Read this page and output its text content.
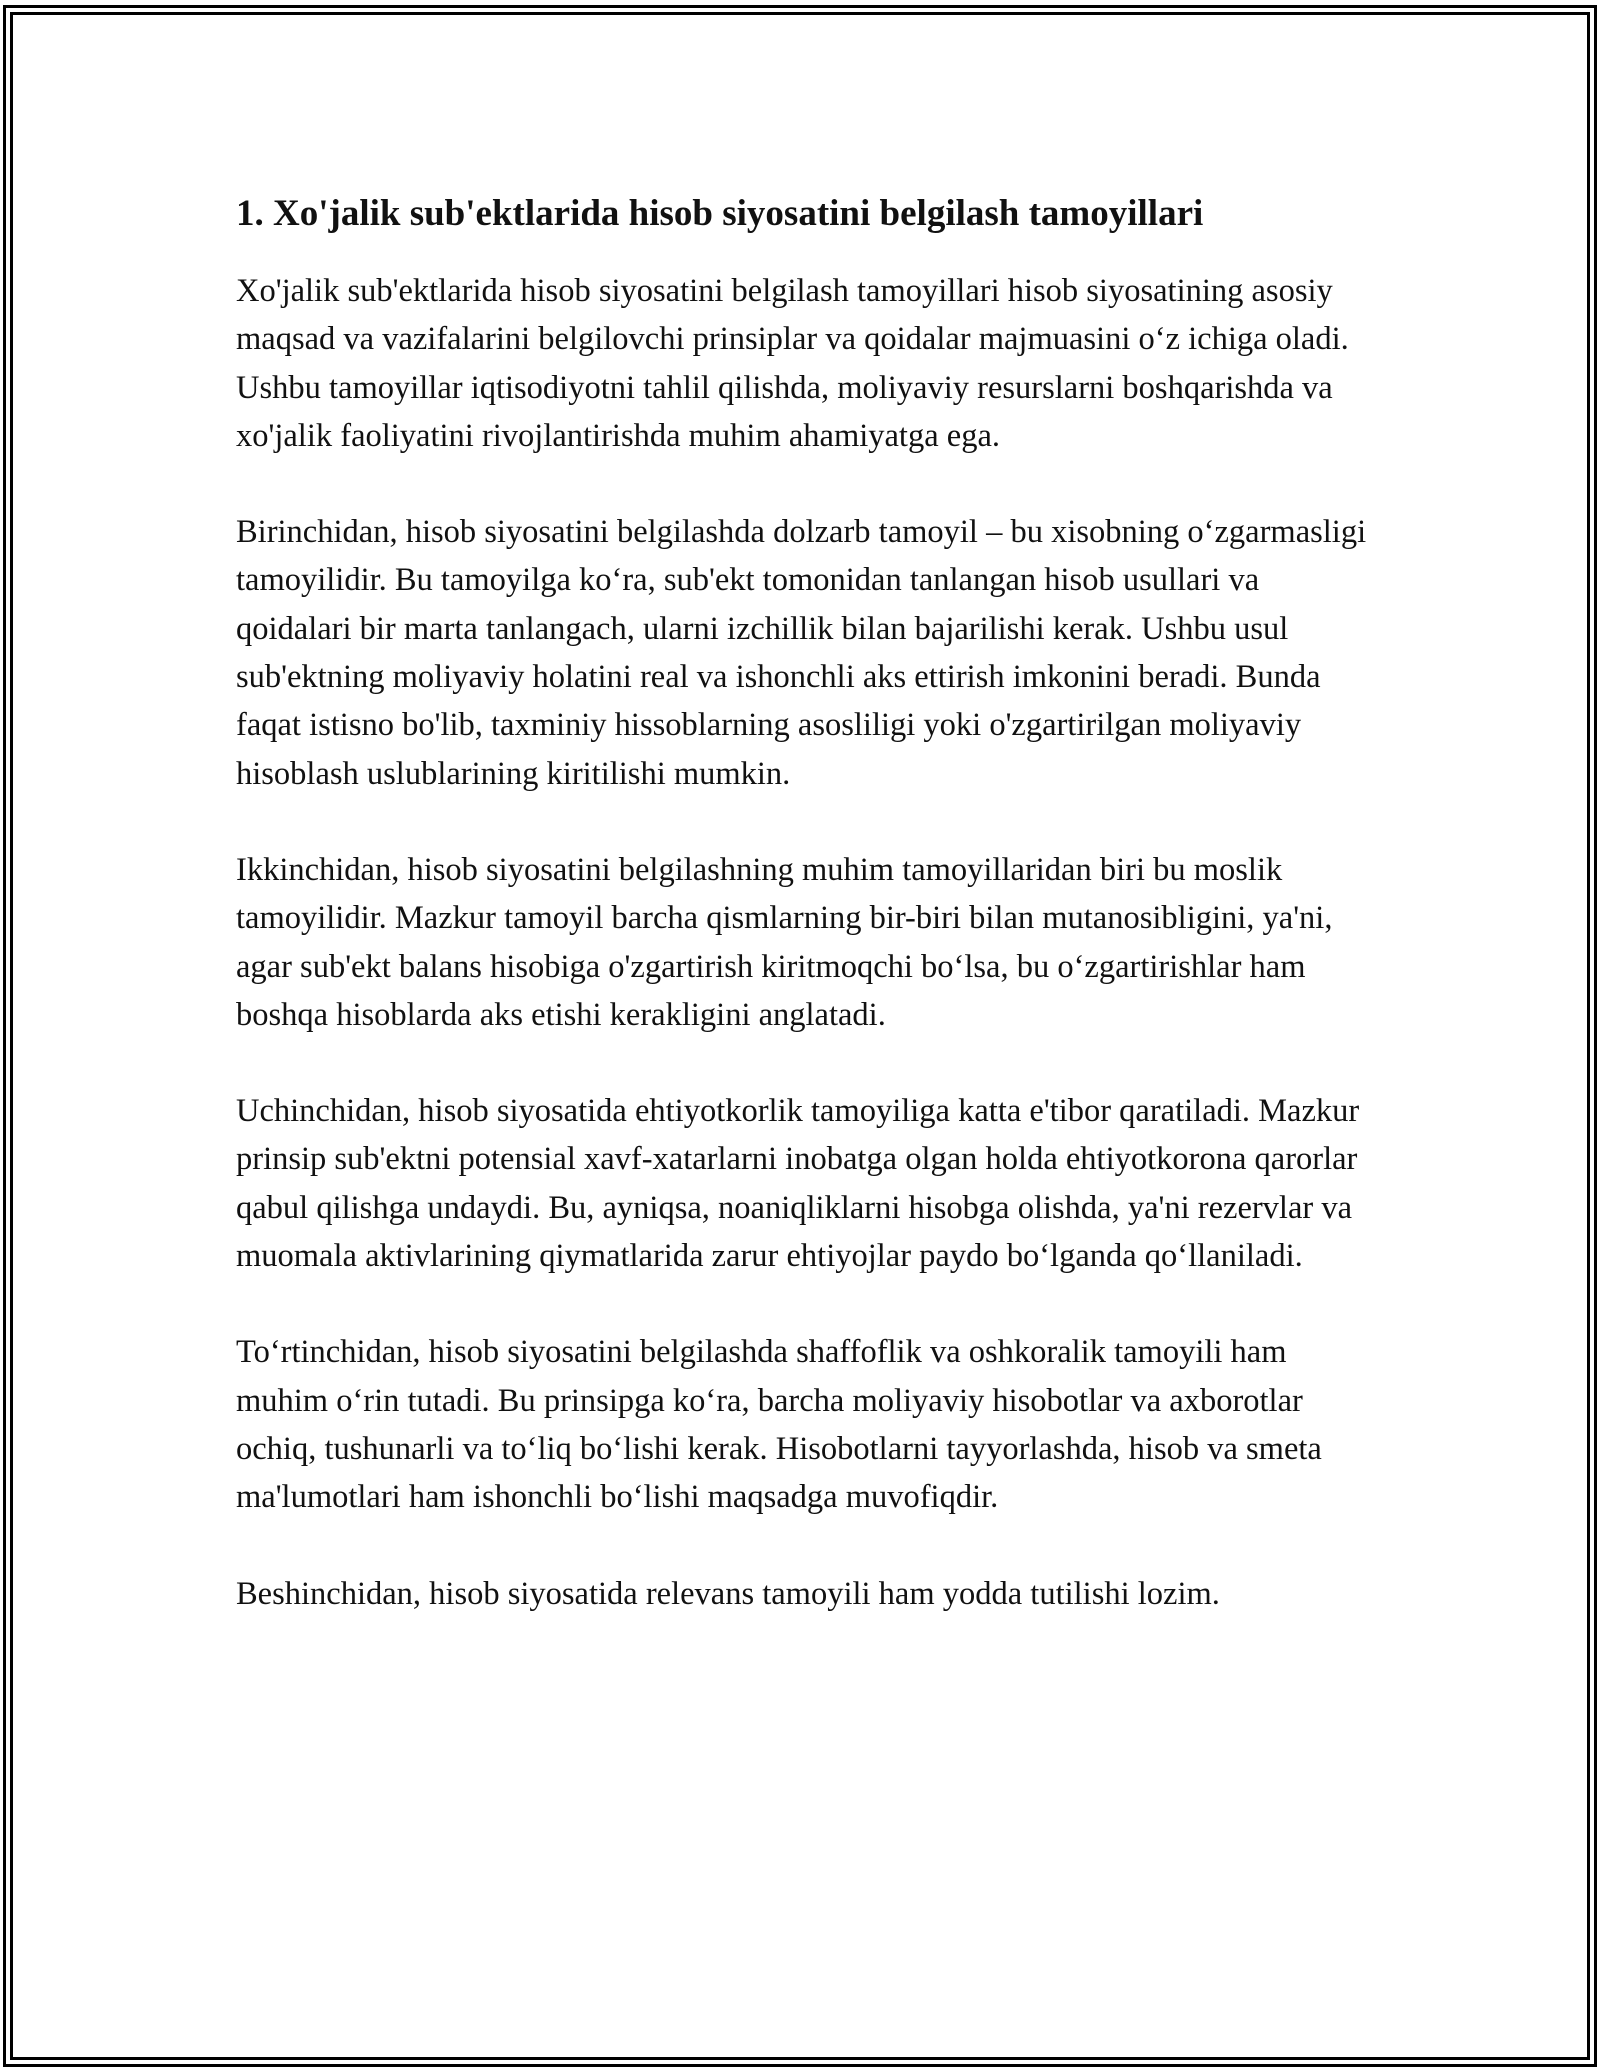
1. Xo'jalik sub'ektlarida hisob siyosatini belgilash tamoyillari

Xo'jalik sub'ektlarida hisob siyosatini belgilash tamoyillari hisob siyosatining asosiy maqsad va vazifalarini belgilovchi prinsiplar va qoidalar majmuasini o‘z ichiga oladi. Ushbu tamoyillar iqtisodiyotni tahlil qilishda, moliyaviy resurslarni boshqarishda va xo'jalik faoliyatini rivojlantirishda muhim ahamiyatga ega.

Birinchidan, hisob siyosatini belgilashda dolzarb tamoyil – bu xisobning o‘zgarmasligi tamoyilidir. Bu tamoyilga ko‘ra, sub'ekt tomonidan tanlangan hisob usullari va qoidalari bir marta tanlangach, ularni izchillik bilan bajarilishi kerak. Ushbu usul sub'ektning moliyaviy holatini real va ishonchli aks ettirish imkonini beradi. Bunda faqat istisno bo'lib, taxminiy hissoblarning asosliligi yoki o'zgartirilgan moliyaviy hisoblash uslublarining kiritilishi mumkin.

Ikkinchidan, hisob siyosatini belgilashning muhim tamoyillaridan biri bu moslik tamoyilidir. Mazkur tamoyil barcha qismlarning bir-biri bilan mutanosibligini, ya'ni, agar sub'ekt balans hisobiga o'zgartirish kiritmoqchi bo‘lsa, bu o‘zgartirishlar ham boshqa hisoblarda aks etishi kerakligini anglatadi.

Uchinchidan, hisob siyosatida ehtiyotkorlik tamoyiliga katta e'tibor qaratiladi. Mazkur prinsip sub'ektni potensial xavf-xatarlarni inobatga olgan holda ehtiyotkorona qarorlar qabul qilishga undaydi. Bu, ayniqsa, noaniqliklarni hisobga olishda, ya'ni rezervlar va muomala aktivlarining qiymatlarida zarur ehtiyojlar paydo bo‘lganda qo‘llaniladi.

To‘rtinchidan, hisob siyosatini belgilashda shaffoflik va oshkoralik tamoyili ham muhim o‘rin tutadi. Bu prinsipga ko‘ra, barcha moliyaviy hisobotlar va axborotlar ochiq, tushunarli va to‘liq bo‘lishi kerak. Hisobotlarni tayyorlashda, hisob va smeta ma'lumotlari ham ishonchli bo‘lishi maqsadga muvofiqdir.

Beshinchidan, hisob siyosatida relevans tamoyili ham yodda tutilishi lozim.
